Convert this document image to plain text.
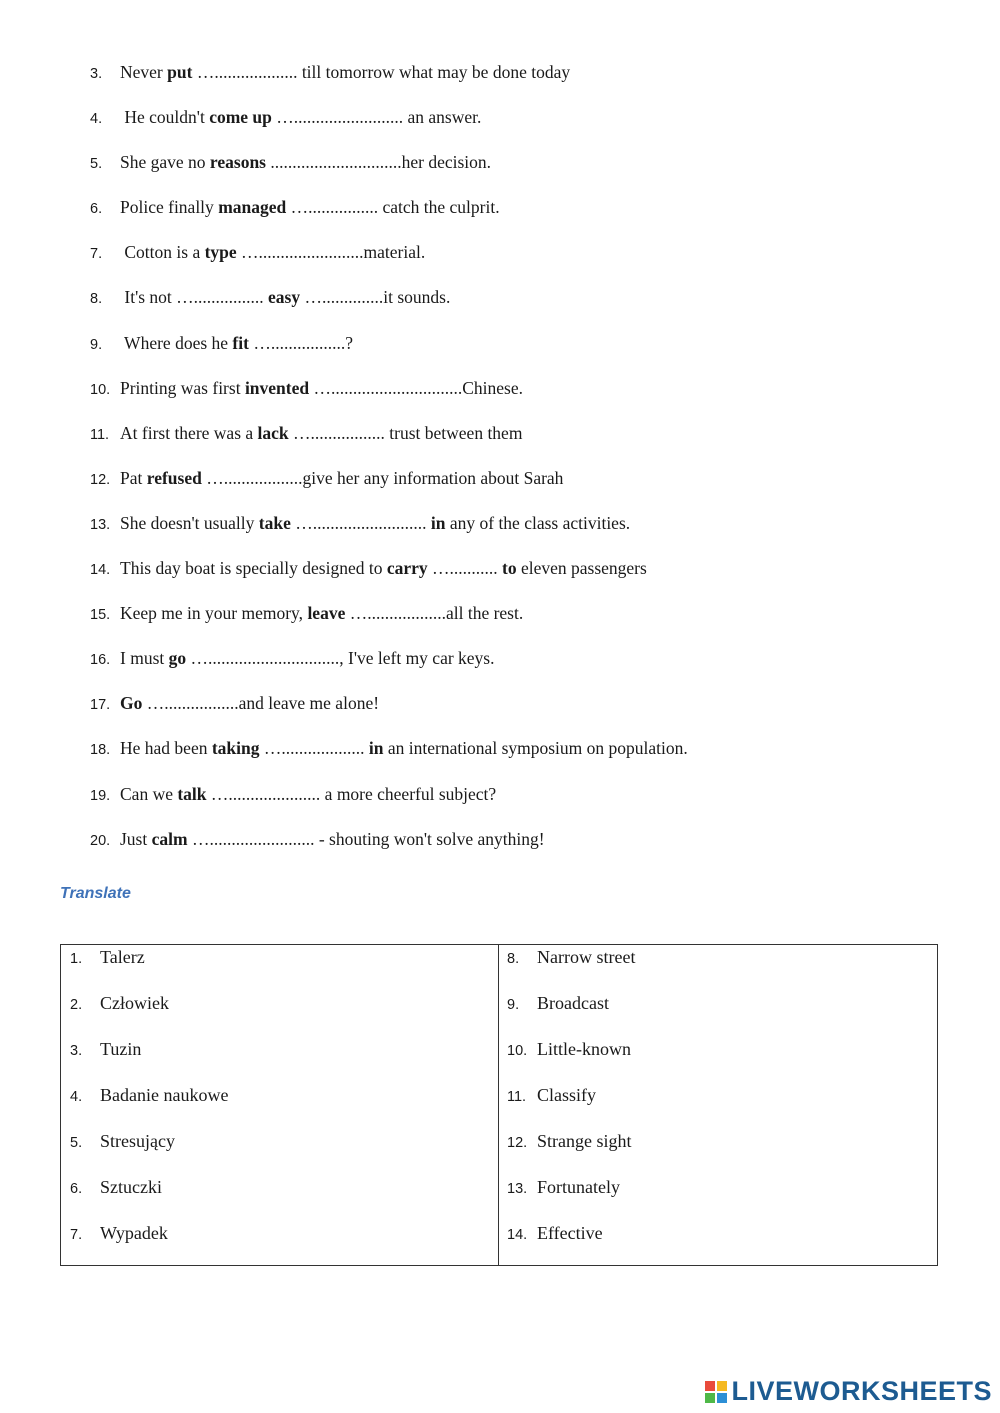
3. Never put …................... till tomorrow what may be done today
4. He couldn't come up …......................... an answer.
5. She gave no reasons ..............................her decision.
6. Police finally managed …................ catch the culprit.
7. Cotton is a type …........................material.
8. It's not …................ easy …..............it sounds.
9. Where does he fit ….................?
10. Printing was first invented …..............................Chinese.
11. At first there was a lack …................. trust between them
12. Pat refused …..................give her any information about Sarah
13. She doesn't usually take ….......................... in any of the class activities.
14. This day boat is specially designed to carry …........... to eleven passengers
15. Keep me in your memory, leave …..................all the rest.
16. I must go ….............................., I've left my car keys.
17. Go ….................and leave me alone!
18. He had been taking …................... in an international symposium on population.
19. Can we talk …..................... a more cheerful subject?
20. Just calm …........................ - shouting won't solve anything!
Translate
1. Talerz
2. Człowiek
3. Tuzin
4. Badanie naukowe
5. Stresujący
6. Sztuczki
7. Wypadek
8. Narrow street
9. Broadcast
10. Little-known
11. Classify
12. Strange sight
13. Fortunately
14. Effective
LIVEWORKSHEETS
